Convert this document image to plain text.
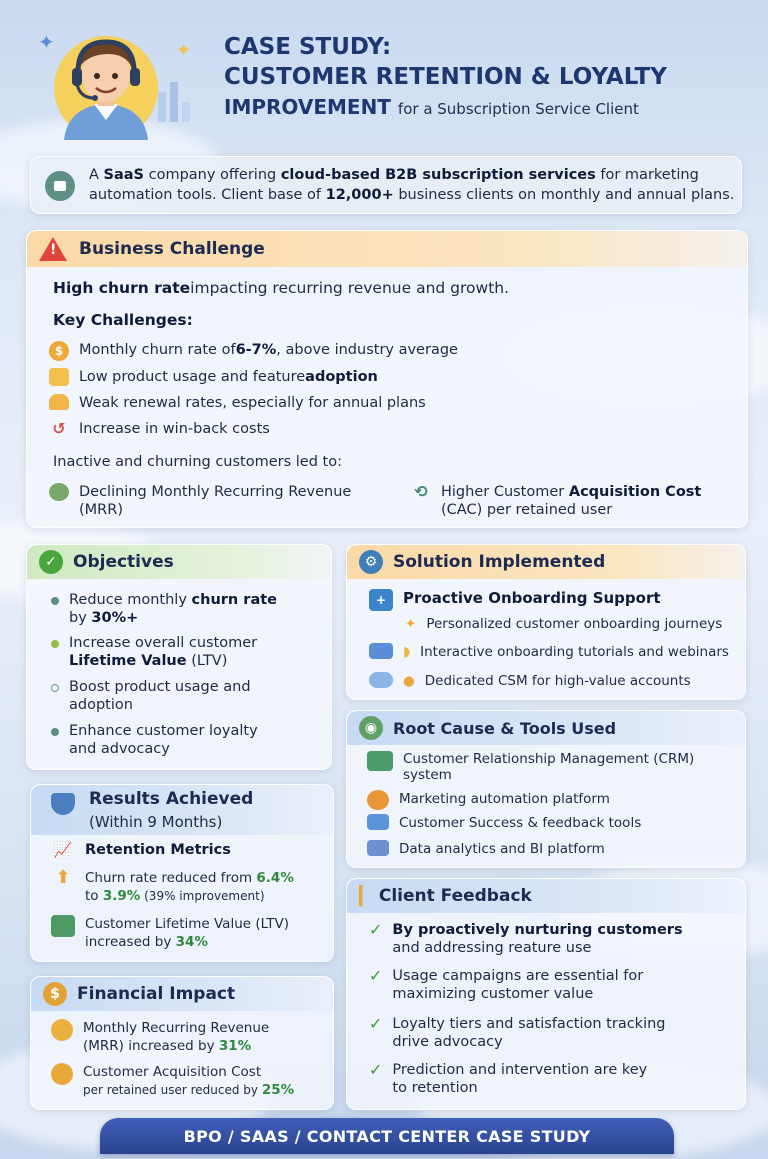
✦	✦ CASE STUDY:
CUSTOMER RETENTION & LOYALTY
IMPROVEMENT for a Subscription Service Client
A SaaS company offering cloud-based B2B subscription services for marketing
automation tools. Client base of 12,000+ business clients on monthly and annual plans.
! Business Challenge
High churn rate impacting recurring revenue and growth.
Key Challenges:
$	Monthly churn rate of 6-7% , above industry average
Low product usage and feature adoption
Weak renewal rates, especially for annual plans
↺ Increase in win-back costs
Inactive and churning customers led to:
Declining Monthly Recurring Revenue
(MRR)
⟲ Higher Customer Acquisition Cost
(CAC) per retained user
✓ Objectives
Reduce monthly churn rate
by 30%+
Increase overall customer
Lifetime Value (LTV)
Boost product usage and
adoption
Enhance customer loyalty
and advocacy
⚙ Solution Implemented
+	Proactive Onboarding Support
✦ Personalized customer onboarding journeys
◗ Interactive onboarding tutorials and webinars
● Dedicated CSM for high-value accounts
◉ Root Cause & Tools Used
Customer Relationship Management (CRM)
system
Marketing automation platform
Customer Success & feedback tools
Data analytics and BI platform
Results Achieved
(Within 9 Months)
📈 Retention Metrics
⬆	Churn rate reduced from 6.4%
to 3.9% (39% improvement)
Customer Lifetime Value (LTV)
increased by 34%
$	Financial Impact
Monthly Recurring Revenue
(MRR) increased by 31%
Customer Acquisition Cost
per retained user reduced by 25%
▎ Client Feedback
✓ By proactively nurturing customers
and addressing reature use
✓ Usage campaigns are essential for
maximizing customer value
✓ Loyalty tiers and satisfaction tracking
drive advocacy
✓ Prediction and intervention are key
to retention
BPO / SAAS / CONTACT CENTER CASE STUDY
